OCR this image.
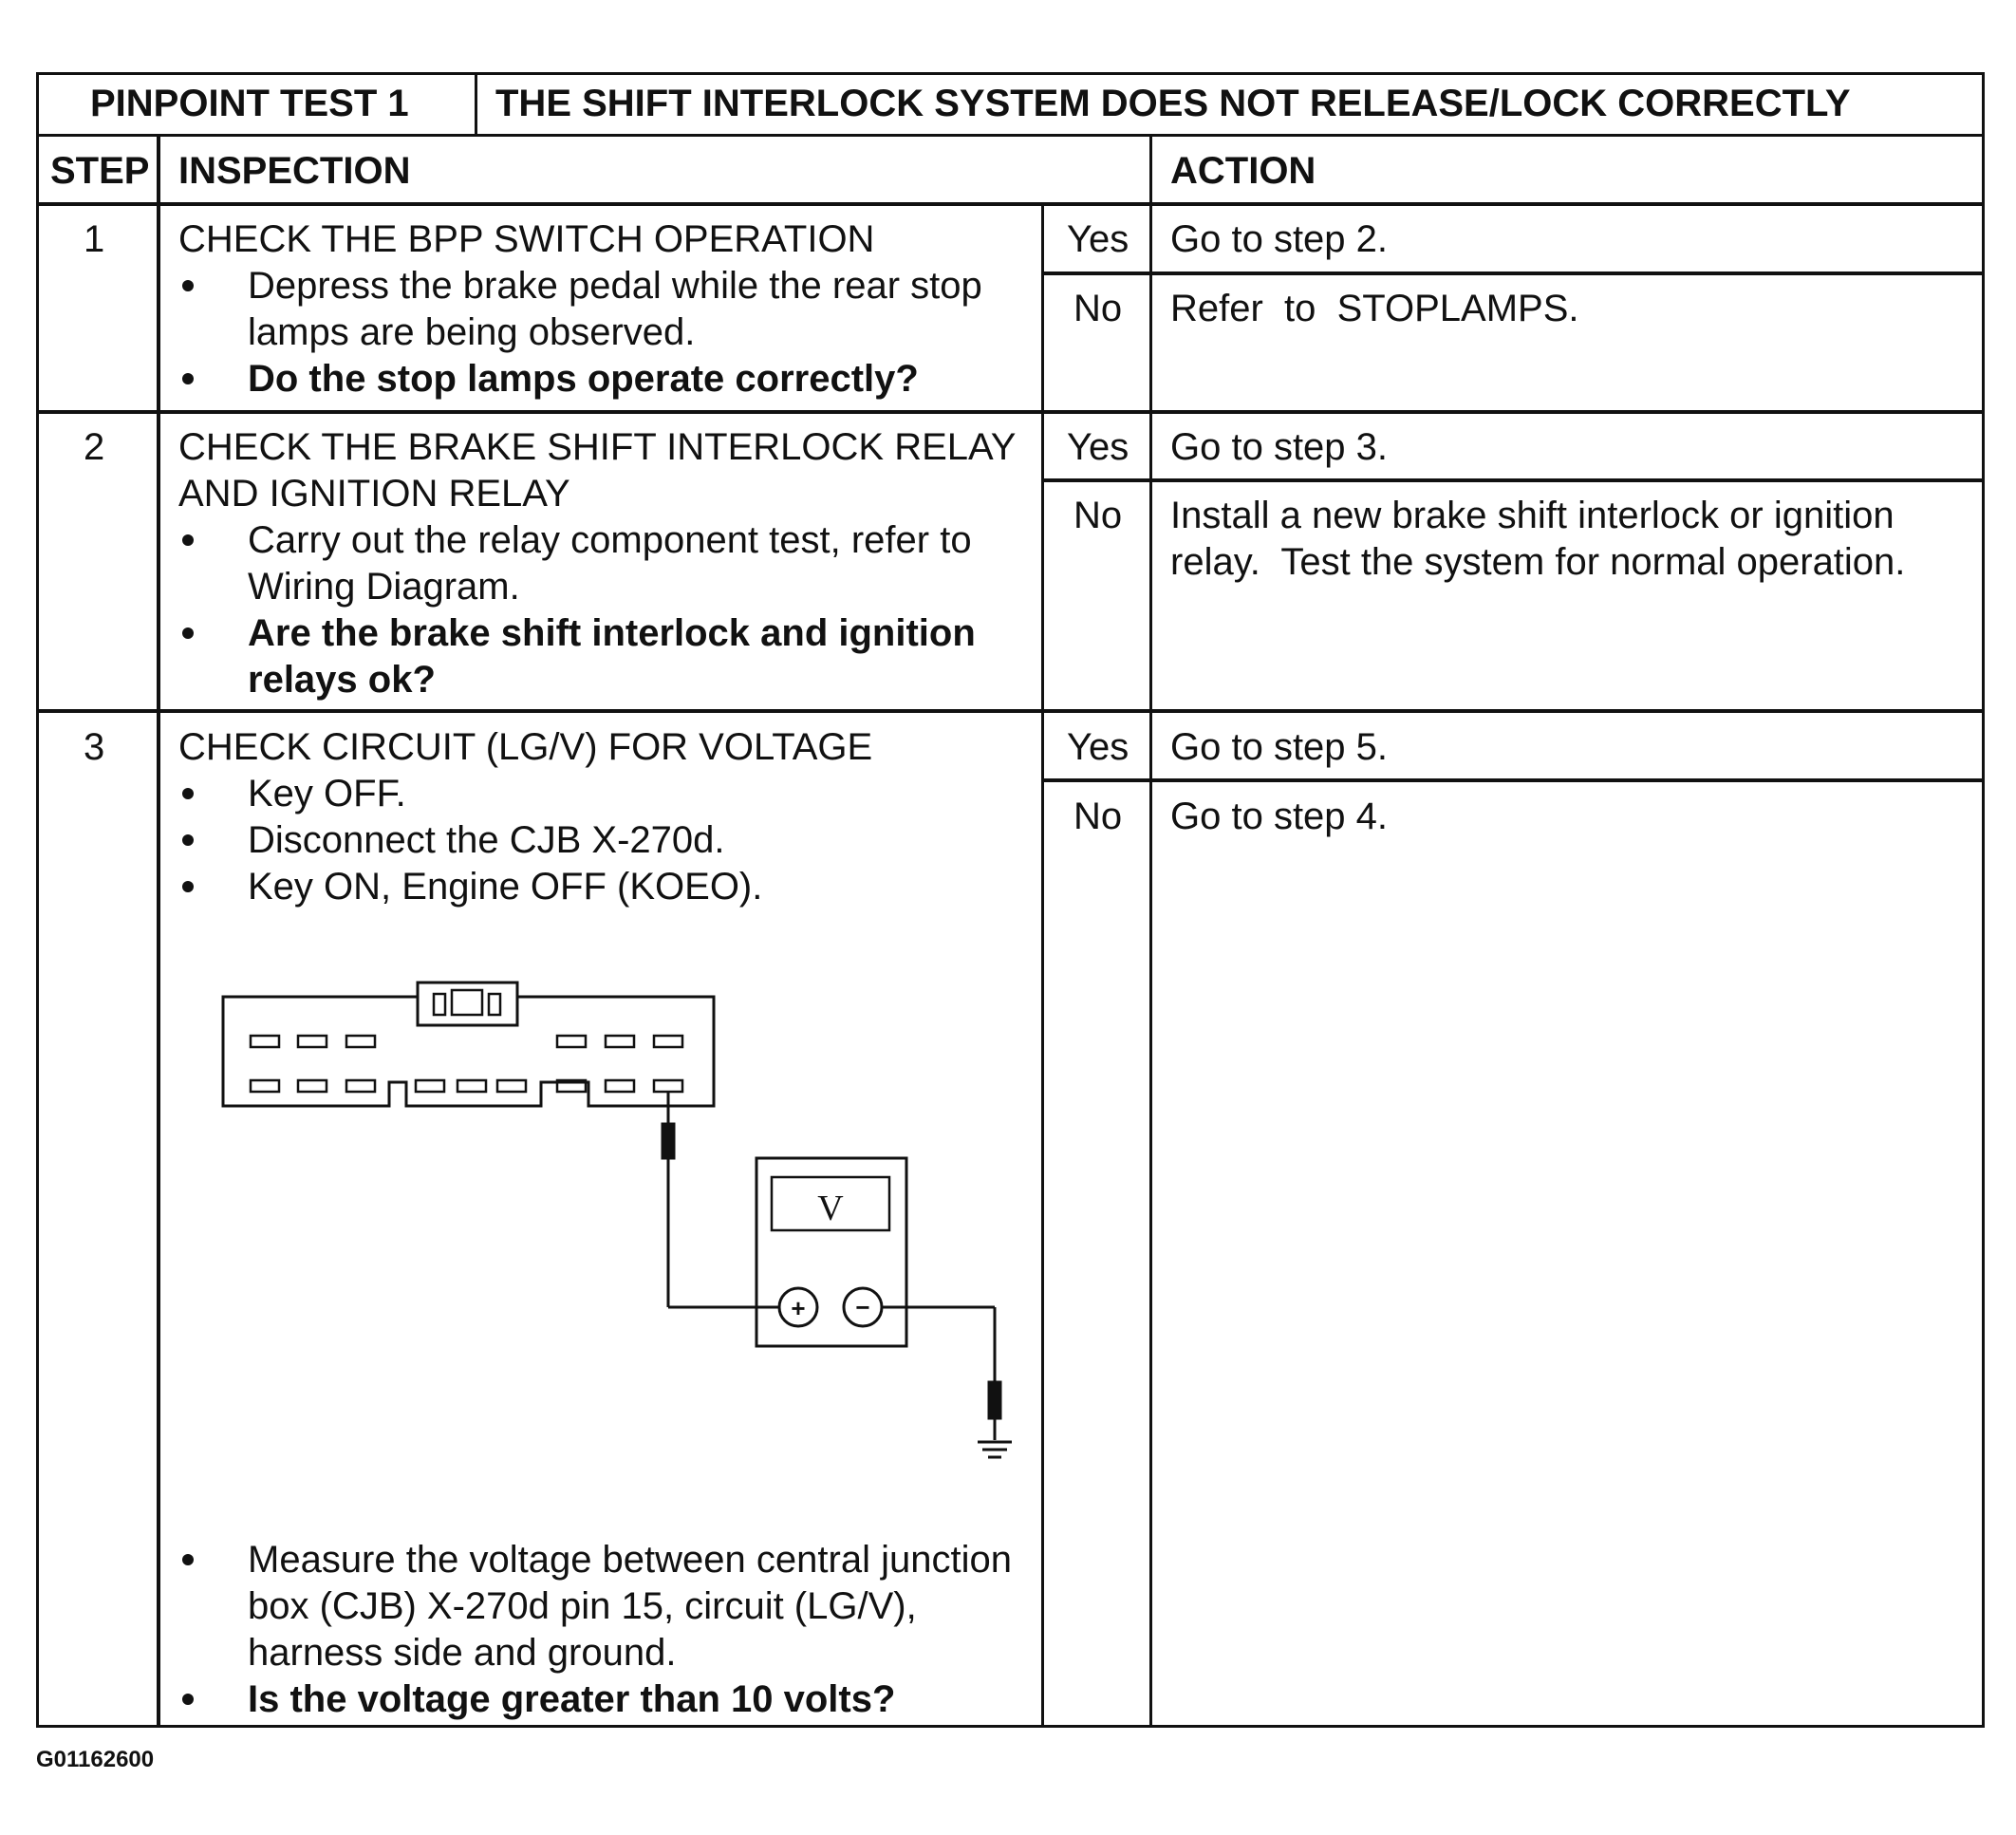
PINPOINT TEST 1 THE SHIFT INTERLOCK SYSTEM DOES NOT RELEASE/LOCK CORRECTLY
STEP INSPECTION	ACTION
1 CHECK THE BPP SWITCH OPERATION
Depress the brake pedal while the rear stop
lamps are being observed.
Do the stop lamps operate correctly?
Yes Go to step 2.
No Refer  to  STOPLAMPS.
2 CHECK THE BRAKE SHIFT INTERLOCK RELAY
AND IGNITION RELAY
Carry out the relay component test, refer to
Wiring Diagram.
Are the brake shift interlock and ignition
relays ok?
Yes Go to step 3.
No Install a new brake shift interlock or ignition
relay.  Test the system for normal operation.
3 CHECK CIRCUIT (LG/V) FOR VOLTAGE
Key OFF.
Disconnect the CJB X-270d.
Key ON, Engine OFF (KOEO).
V
+ −
Measure the voltage between central junction
box (CJB) X-270d pin 15, circuit (LG/V),
harness side and ground.
Is the voltage greater than 10 volts?
Yes Go to step 5.
No Go to step 4.
G01162600
